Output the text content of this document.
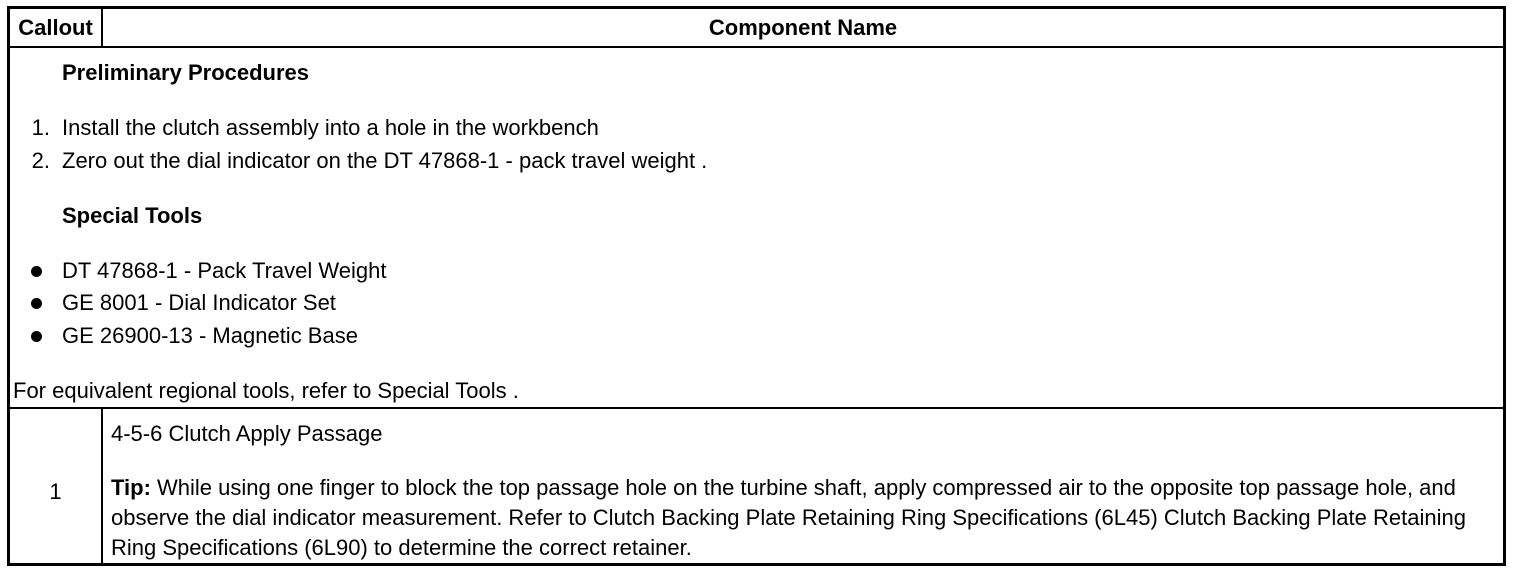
Callout	Component Name
Preliminary Procedures
1. Install the clutch assembly into a hole in the workbench
2. Zero out the dial indicator on the DT 47868-1 - pack travel weight .
Special Tools
DT 47868-1 - Pack Travel Weight
GE 8001 - Dial Indicator Set
GE 26900-13 - Magnetic Base
For equivalent regional tools, refer to Special Tools .
1
4-5-6 Clutch Apply Passage
Tip: While using one finger to block the top passage hole on the turbine shaft, apply compressed air to the opposite top passage hole, and observe the dial indicator measurement. Refer to Clutch Backing Plate Retaining Ring Specifications (6L45) Clutch Backing Plate Retaining Ring Specifications (6L90) to determine the correct retainer.
